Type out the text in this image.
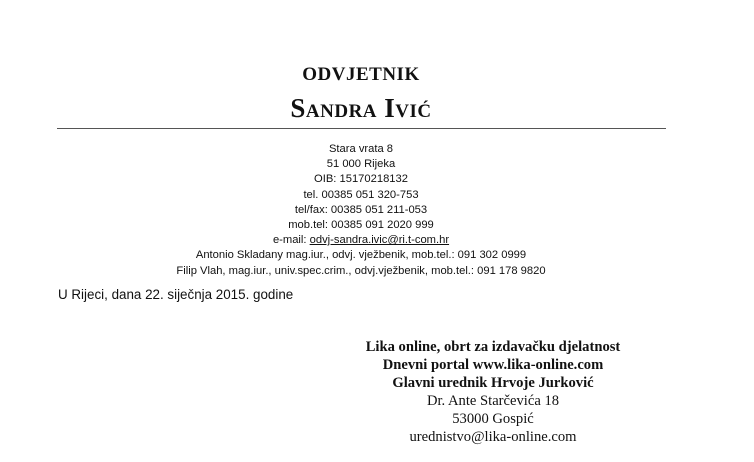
ODVJETNIK
Sandra Ivić
Stara vrata 8
51 000 Rijeka
OIB: 15170218132
tel. 00385 051 320-753
tel/fax: 00385 051 211-053
mob.tel: 00385 091 2020 999
e-mail: odvj-sandra.ivic@ri.t-com.hr
Antonio Skladany mag.iur., odvj. vježbenik, mob.tel.: 091 302 0999
Filip Vlah, mag.iur., univ.spec.crim., odvj.vježbenik, mob.tel.: 091 178 9820
U Rijeci, dana 22. siječnja 2015. godine
Lika online, obrt za izdavačku djelatnost
Dnevni portal www.lika-online.com
Glavni urednik Hrvoje Jurković
Dr. Ante Starčevića 18
53000 Gospić
urednistvo@lika-online.com
